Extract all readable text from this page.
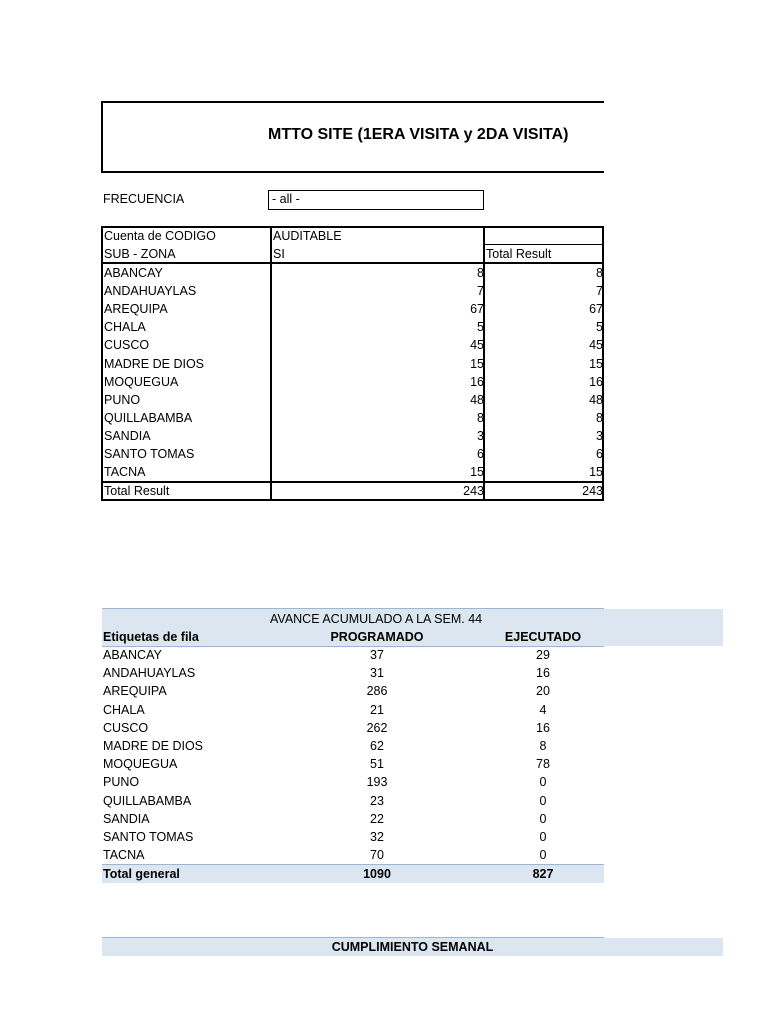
MTTO SITE (1ERA VISITA y 2DA VISITA)
FRECUENCIA	- all -
Cuenta de CODIGO	AUDITABLE
SUB - ZONA	SI	Total Result
ABANCAY	8	8
ANDAHUAYLAS	7	7
AREQUIPA	67	67
CHALA	5	5
CUSCO	45	45
MADRE DE DIOS	15	15
MOQUEGUA	16	16
PUNO	48	48
QUILLABAMBA	8	8
SANDIA	3	3
SANTO TOMAS	6	6
TACNA	15	15
Total Result	243	243
AVANCE ACUMULADO A LA SEM. 44
Etiquetas de fila	PROGRAMADO	EJECUTADO
ABANCAY	37	29
ANDAHUAYLAS	31	16
AREQUIPA	286	20
CHALA	21	4
CUSCO	262	16
MADRE DE DIOS	62	8
MOQUEGUA	51	78
PUNO	193	0
QUILLABAMBA	23	0
SANDIA	22	0
SANTO TOMAS	32	0
TACNA	70	0
Total general	1090	827
CUMPLIMIENTO SEMANAL
